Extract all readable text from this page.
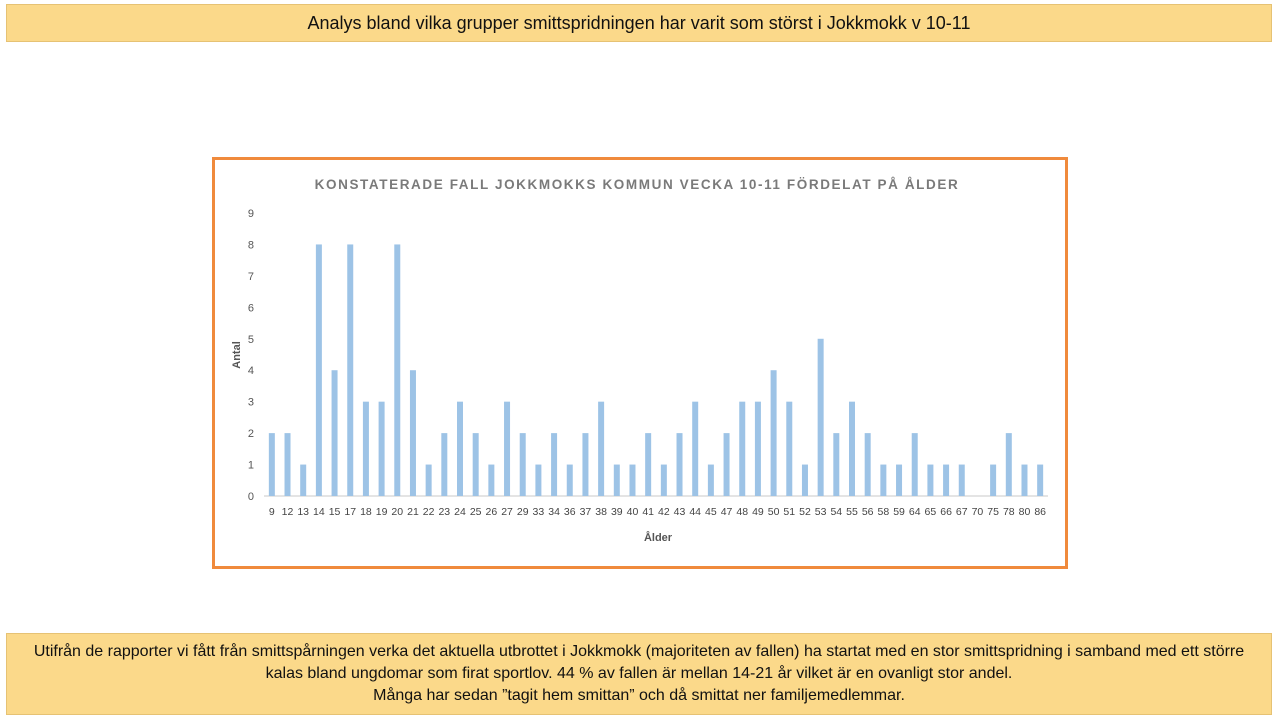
Analys bland vilka grupper smittspridningen har varit som störst i Jokkmokk v 10-11
KONSTATERADE FALL JOKKMOKKS KOMMUN VECKA 10-11 FÖRDELAT PÅ ÅLDER
Antal
Ålder
0
1
2
3
4
5
6
7
8
9
9 12 13 14 15 17 18 19 20 21 22 23 24 25 26 27 29 33 34 36 37 38 39 40 41 42 43 44 45 47 48 49 50 51 52 53 54 55 56 58 59 64 65 66 67 70 75 78 80 86
Utifrån de rapporter vi fått från smittspårningen verka det aktuella utbrottet i Jokkmokk (majoriteten av fallen) ha startat med en stor smittspridning i samband med ett större
kalas bland ungdomar som firat sportlov. 44 % av fallen är mellan 14-21 år vilket är en ovanligt stor andel.
Många har sedan ”tagit hem smittan” och då smittat ner familjemedlemmar.
